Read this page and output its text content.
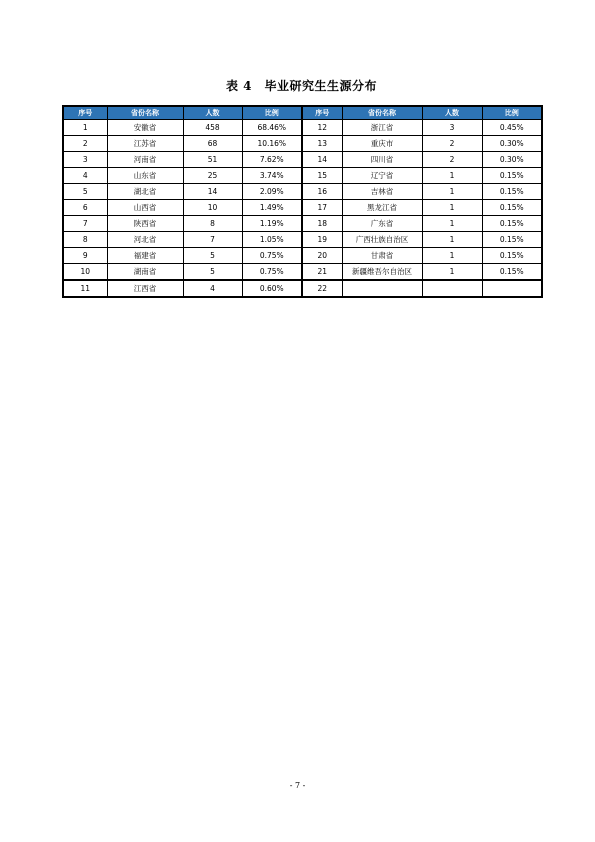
表 4　毕业研究生生源分布
序号	省份名称	人数	比例	序号	省份名称	人数	比例
1	安徽省	458	68.46%	12	浙江省	3	0.45%
2	江苏省	68	10.16%	13	重庆市	2	0.30%
3	河南省	51	7.62%	14	四川省	2	0.30%
4	山东省	25	3.74%	15	辽宁省	1	0.15%
5	湖北省	14	2.09%	16	吉林省	1	0.15%
6	山西省	10	1.49%	17	黑龙江省	1	0.15%
7	陕西省	8	1.19%	18	广东省	1	0.15%
8	河北省	7	1.05%	19	广西壮族自治区	1	0.15%
9	福建省	5	0.75%	20	甘肃省	1	0.15%
10	湖南省	5	0.75%	21	新疆维吾尔自治区	1	0.15%
11	江西省	4	0.60%	22			
- 7 -
